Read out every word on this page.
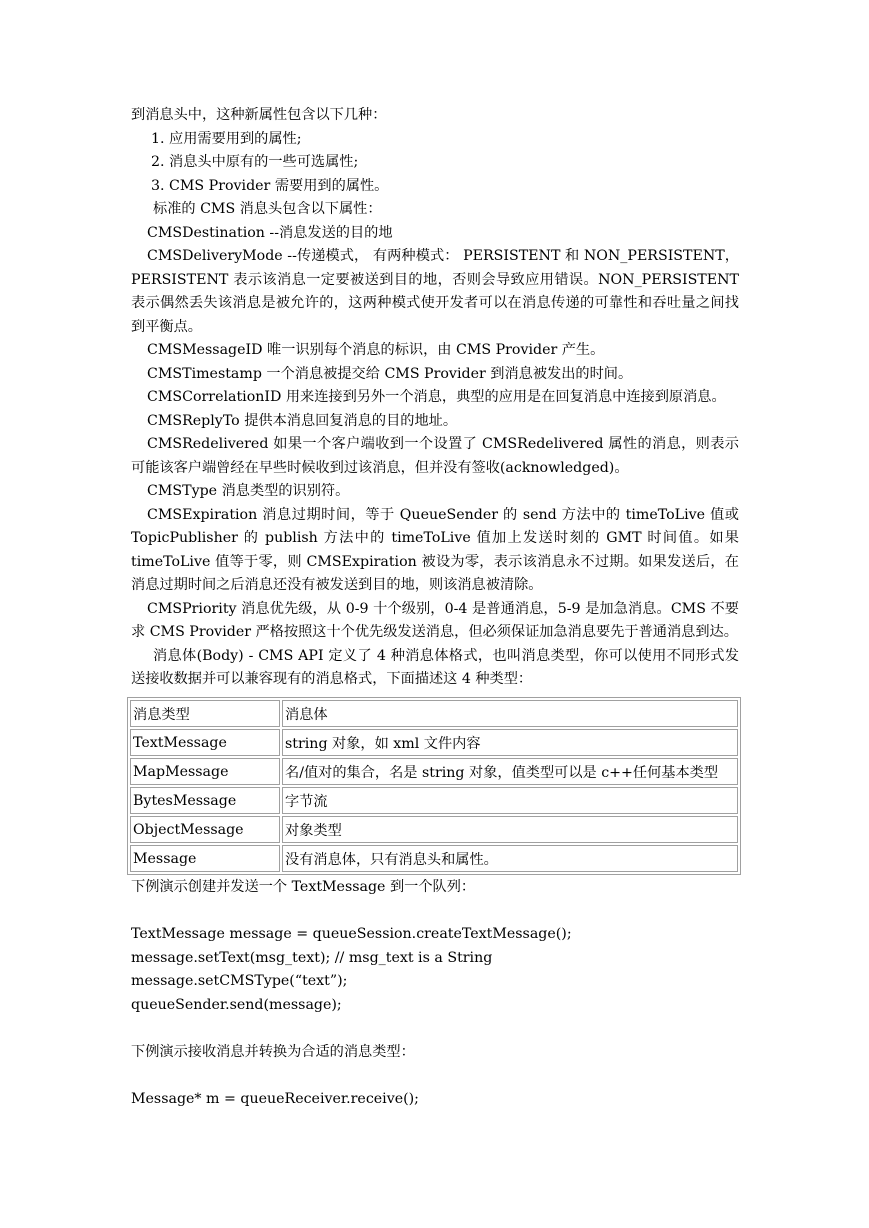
到消息头中，这种新属性包含以下几种：
1. 应用需要用到的属性;
2. 消息头中原有的一些可选属性;
3. CMS Provider 需要用到的属性。
标准的 CMS 消息头包含以下属性：
CMSDestination --消息发送的目的地
CMSDeliveryMode --传递模式， 有两种模式： PERSISTENT 和 NON_PERSISTENT，PERSISTENT 表示该消息一定要被送到目的地，否则会导致应用错误。NON_PERSISTENT 表示偶然丢失该消息是被允许的，这两种模式使开发者可以在消息传递的可靠性和吞吐量之间找到平衡点。
CMSMessageID 唯一识别每个消息的标识，由 CMS Provider 产生。
CMSTimestamp 一个消息被提交给 CMS Provider 到消息被发出的时间。
CMSCorrelationID 用来连接到另外一个消息，典型的应用是在回复消息中连接到原消息。
CMSReplyTo 提供本消息回复消息的目的地址。
CMSRedelivered 如果一个客户端收到一个设置了 CMSRedelivered 属性的消息，则表示可能该客户端曾经在早些时候收到过该消息，但并没有签收(acknowledged)。
CMSType 消息类型的识别符。
CMSExpiration 消息过期时间，等于 QueueSender 的 send 方法中的 timeToLive 值或 TopicPublisher 的 publish 方法中的 timeToLive 值加上发送时刻的 GMT 时间值。如果 timeToLive 值等于零，则 CMSExpiration 被设为零，表示该消息永不过期。如果发送后，在消息过期时间之后消息还没有被发送到目的地，则该消息被清除。
CMSPriority 消息优先级，从 0-9 十个级别，0-4 是普通消息，5-9 是加急消息。CMS 不要求 CMS Provider 严格按照这十个优先级发送消息，但必须保证加急消息要先于普通消息到达。
消息体(Body) - CMS API 定义了 4 种消息体格式，也叫消息类型，你可以使用不同形式发送接收数据并可以兼容现有的消息格式，下面描述这 4 种类型：
消息类型	消息体
TextMessage	string 对象，如 xml 文件内容
MapMessage	名/值对的集合，名是 string 对象，值类型可以是 c++任何基本类型
BytesMessage	字节流
ObjectMessage	对象类型
Message	没有消息体，只有消息头和属性。
下例演示创建并发送一个 TextMessage 到一个队列：
TextMessage message = queueSession.createTextMessage();
message.setText(msg_text); // msg_text is a String
message.setCMSType(“text”);
queueSender.send(message);
下例演示接收消息并转换为合适的消息类型：
Message* m = queueReceiver.receive();
